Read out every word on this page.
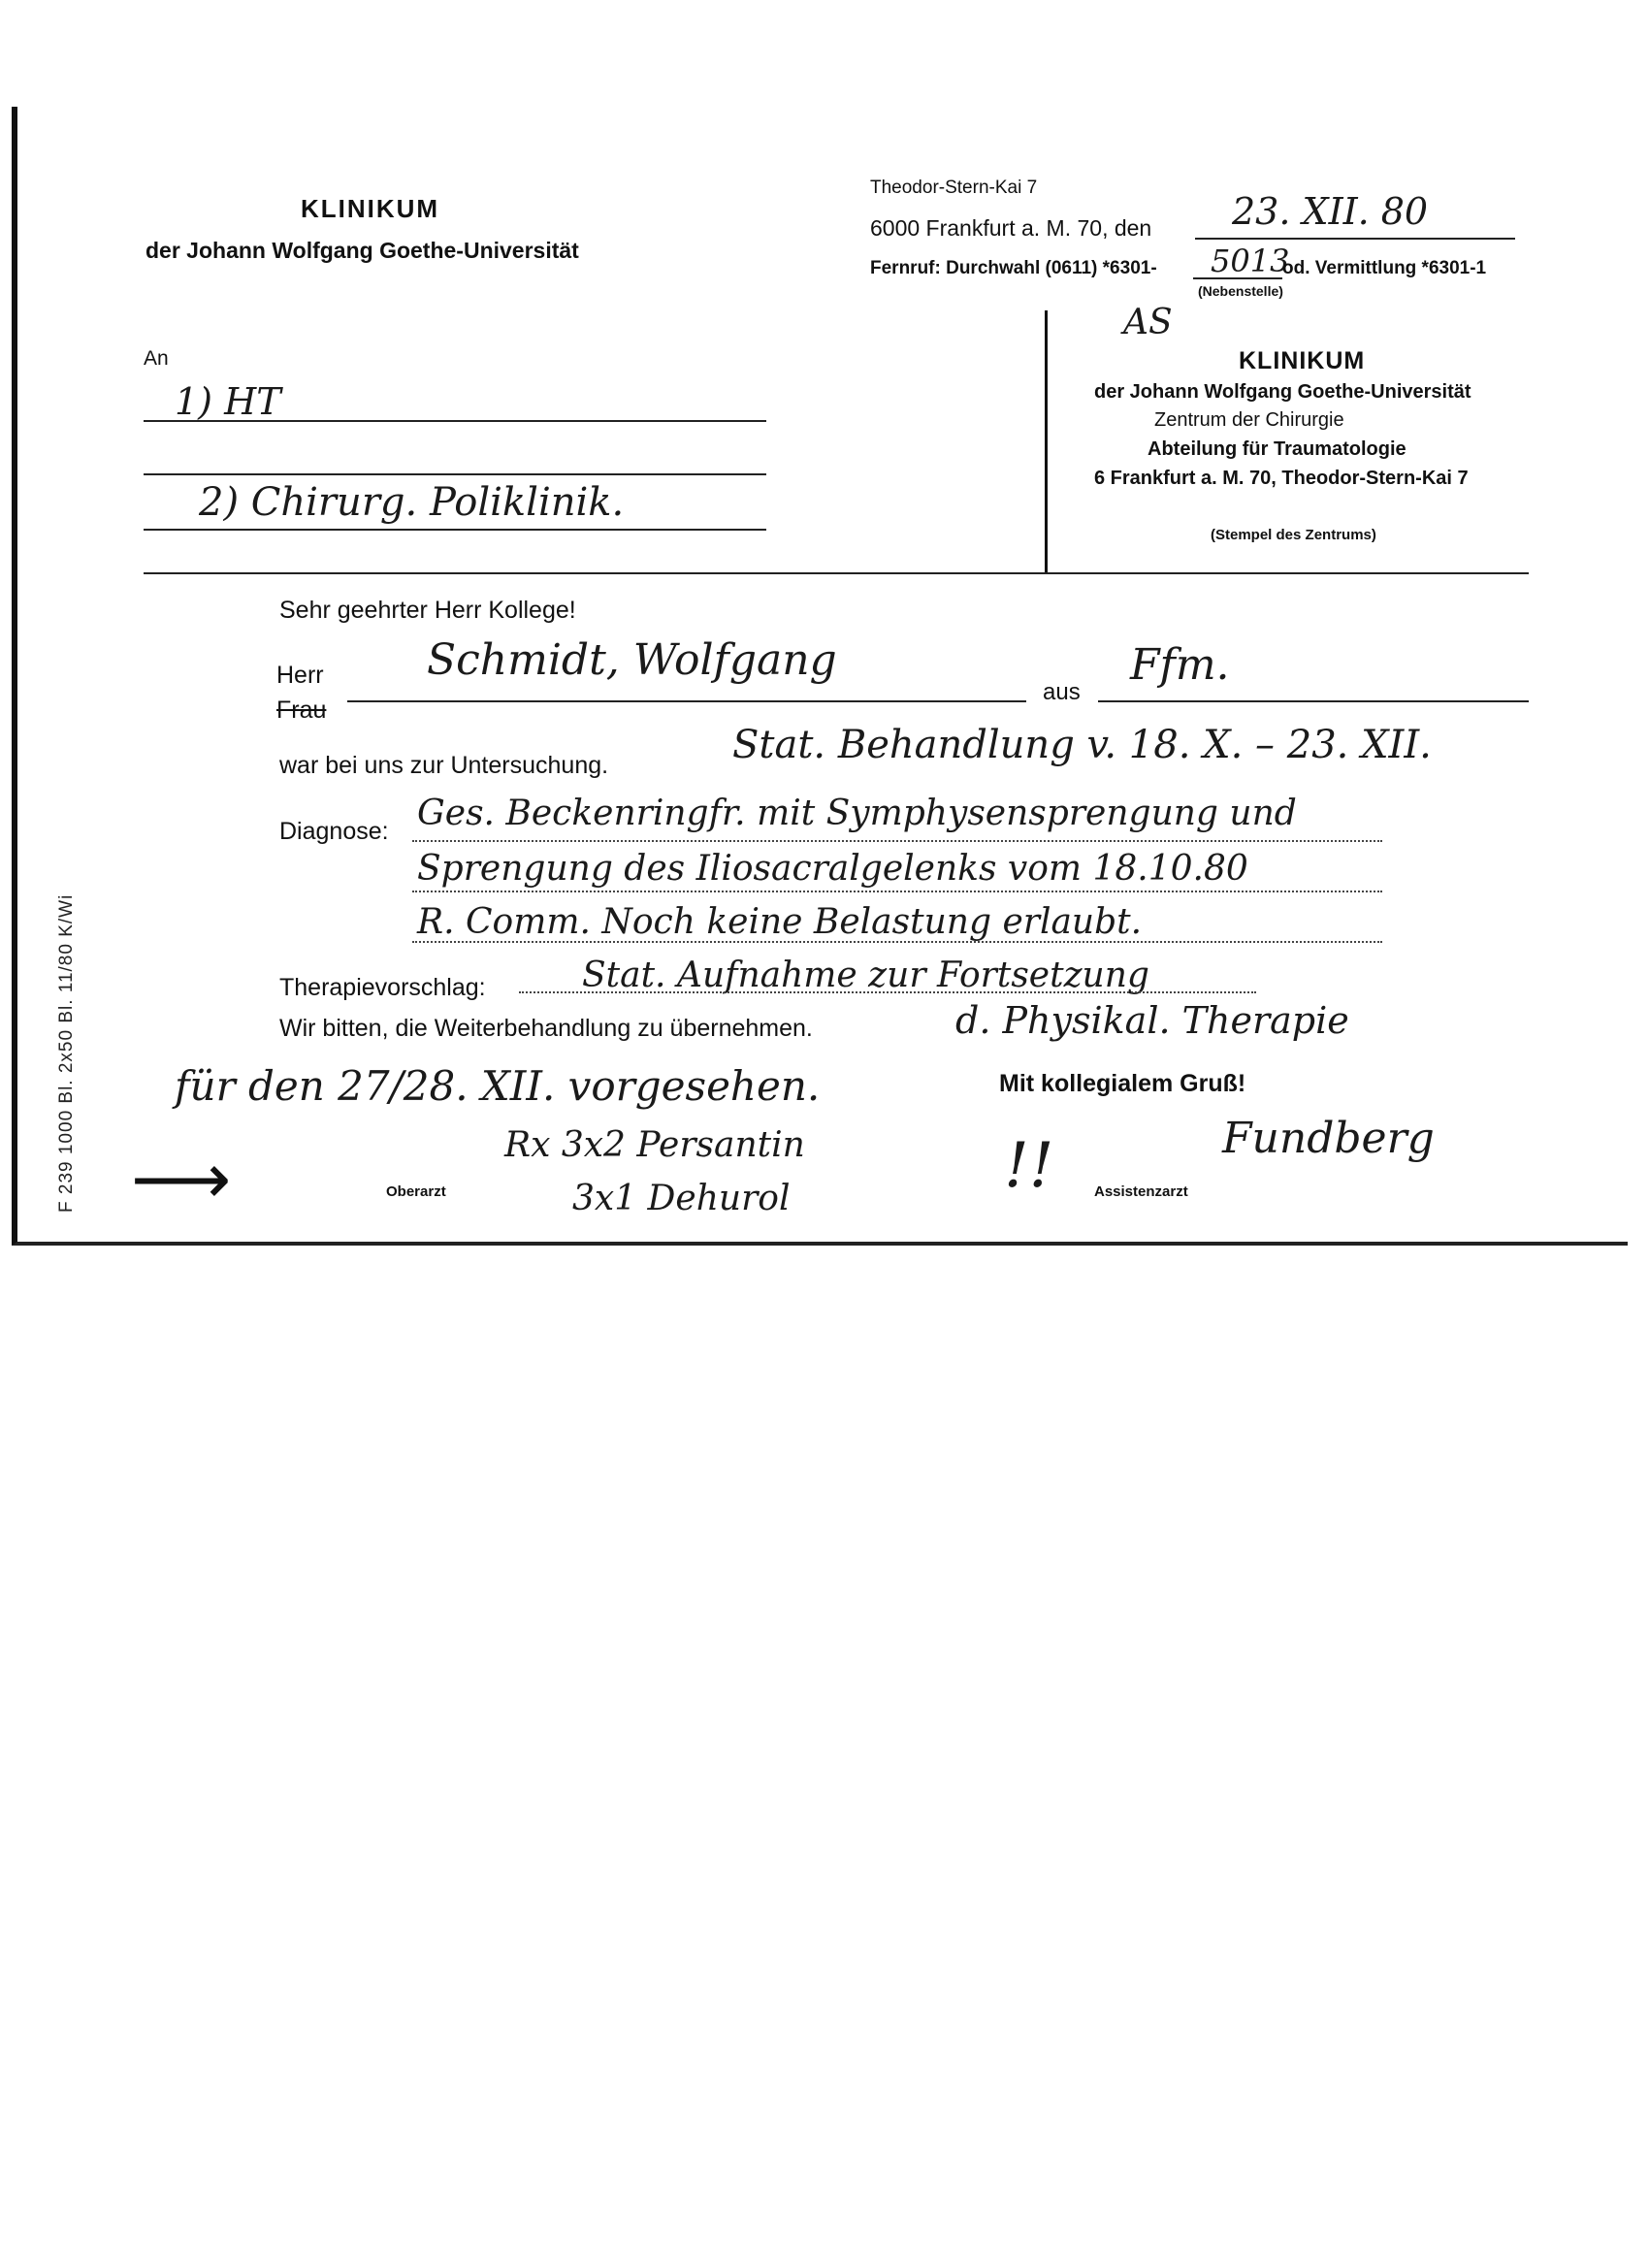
KLINIKUM
der Johann Wolfgang Goethe-Universität
Theodor-Stern-Kai 7
6000 Frankfurt a. M. 70, den 23. XII. 80
Fernruf: Durchwahl (0611) *6301- 5013
od. Vermittlung *6301-1
(Nebenstelle)
An
1) HT
2) Chirurg. Poliklinik.
AS
KLINIKUM
der Johann Wolfgang Goethe-Universität
Zentrum der Chirurgie
Abteilung für Traumatologie
6 Frankfurt a. M. 70, Theodor-Stern-Kai 7
(Stempel des Zentrums)
Sehr geehrter Herr Kollege!
Herr
Frau
Schmidt, Wolfgang
aus
Ffm.
war bei uns zur Untersuchung.	Stat. Behandlung v. 18. X. – 23. XII.
Diagnose: Ges. Beckenringfr. mit Symphysensprengung und
Sprengung des Iliosacralgelenks vom 18.10.80
R. Comm. Noch keine Belastung erlaubt.
Therapievorschlag:	Stat. Aufnahme zur Fortsetzung
Wir bitten, die Weiterbehandlung zu übernehmen.	d. Physikal. Therapie
für den 27/28. XII. vorgesehen.	Mit kollegialem Gruß!
⟶	Oberarzt
Rx 3x2 Persantin
3x1 Dehurol	!!	Assistenzarzt
Fundberg
F 239 1000 Bl. 2x50 Bl. 11/80 K/Wi
